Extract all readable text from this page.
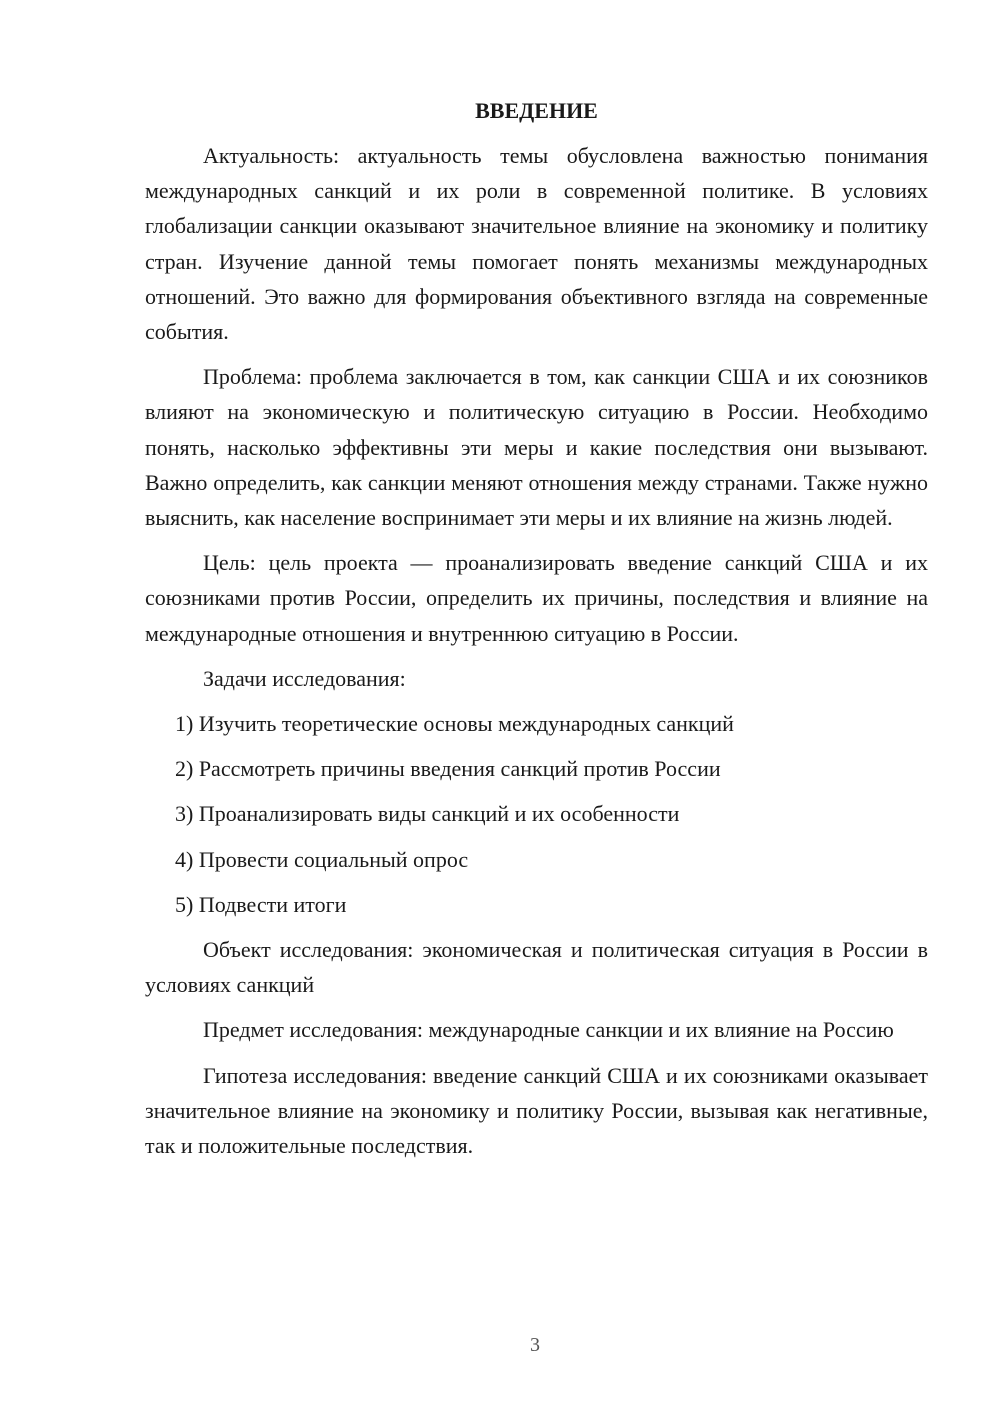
ВВЕДЕНИЕ

Актуальность: актуальность темы обусловлена важностью понимания международных санкций и их роли в современной политике. В условиях глобализации санкции оказывают значительное влияние на экономику и политику стран. Изучение данной темы помогает понять механизмы международных отношений. Это важно для формирования объективного взгляда на современные события.

Проблема: проблема заключается в том, как санкции США и их союзников влияют на экономическую и политическую ситуацию в России. Необходимо понять, насколько эффективны эти меры и какие последствия они вызывают. Важно определить, как санкции меняют отношения между странами. Также нужно выяснить, как население воспринимает эти меры и их влияние на жизнь людей.

Цель: цель проекта — проанализировать введение санкций США и их союзниками против России, определить их причины, последствия и влияние на международные отношения и внутреннюю ситуацию в России.

Задачи исследования:

1) Изучить теоретические основы международных санкций

2) Рассмотреть причины введения санкций против России

3) Проанализировать виды санкций и их особенности

4) Провести социальный опрос

5) Подвести итоги

Объект исследования: экономическая и политическая ситуация в России в условиях санкций

Предмет исследования: международные санкции и их влияние на Россию

Гипотеза исследования: введение санкций США и их союзниками оказывает значительное влияние на экономику и политику России, вызывая как негативные, так и положительные последствия.

3
